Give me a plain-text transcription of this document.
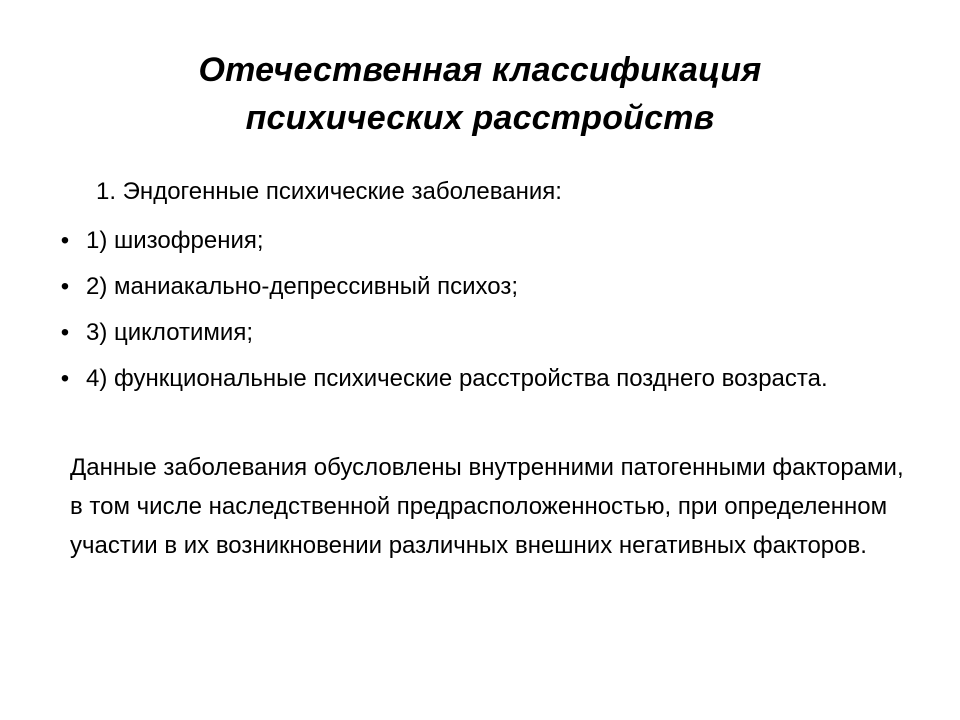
Отечественная классификация
психических расстройств
1. Эндогенные психические заболевания:
• 1) шизофрения;
• 2) маниакально-депрессивный психоз;
• 3) циклотимия;
• 4) функциональные психические расстройства позднего возраста.
Данные заболевания обусловлены внутренними патогенными факторами, в том числе наследственной предрасположенностью, при определенном участии в их возникновении различных внешних негативных факторов.
